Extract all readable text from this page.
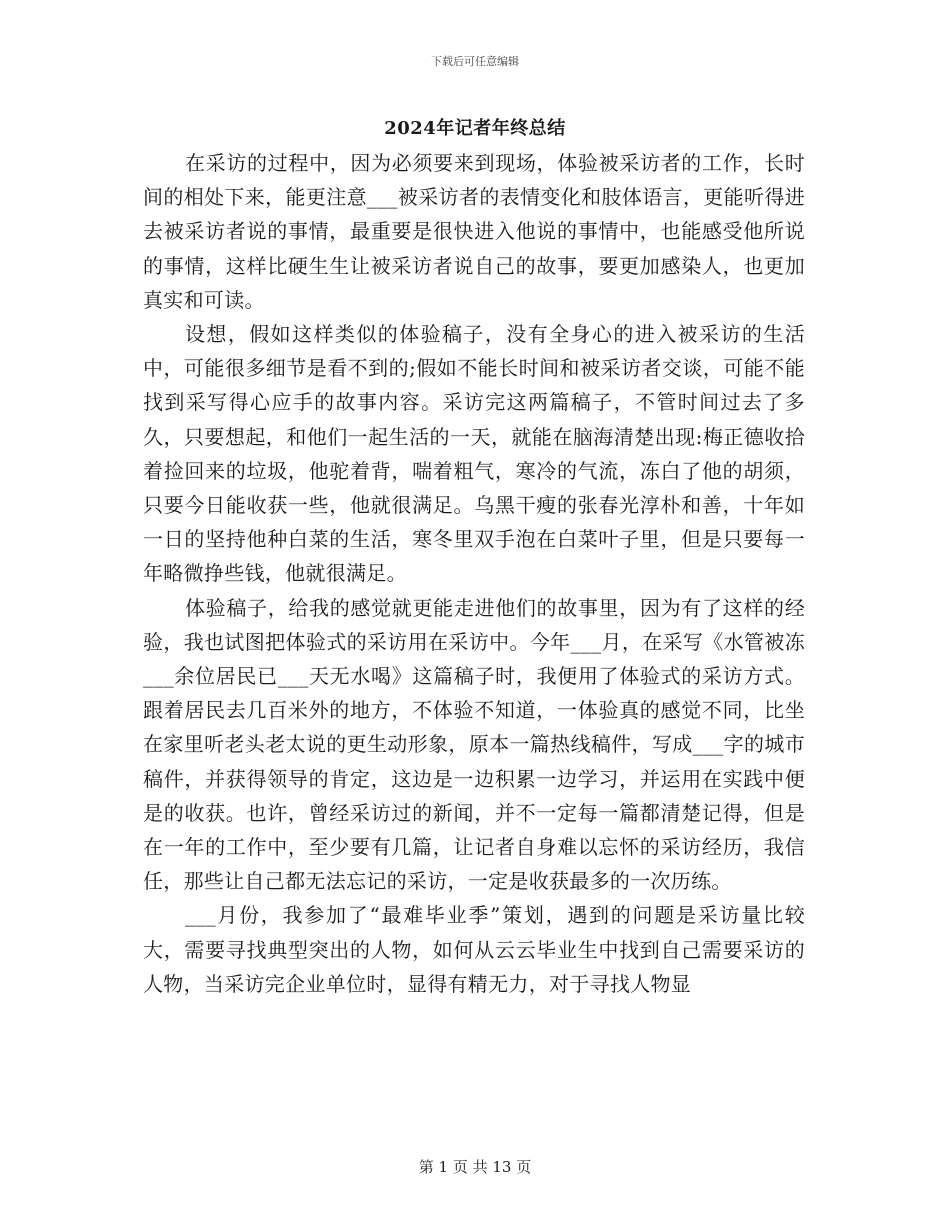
下载后可任意编辑
2024年记者年终总结

在采访的过程中，因为必须要来到现场，体验被采访者的工作，长时间的相处下来，能更注意___被采访者的表情变化和肢体语言，更能听得进去被采访者说的事情，最重要是很快进入他说的事情中，也能感受他所说的事情，这样比硬生生让被采访者说自己的故事，要更加感染人，也更加真实和可读。

设想，假如这样类似的体验稿子，没有全身心的进入被采访的生活中，可能很多细节是看不到的;假如不能长时间和被采访者交谈，可能不能找到采写得心应手的故事内容。采访完这两篇稿子，不管时间过去了多久，只要想起，和他们一起生活的一天，就能在脑海清楚出现:梅正德收拾着捡回来的垃圾，他驼着背，喘着粗气，寒冷的气流，冻白了他的胡须，只要今日能收获一些，他就很满足。乌黑干瘦的张春光淳朴和善，十年如一日的坚持他种白菜的生活，寒冬里双手泡在白菜叶子里，但是只要每一年略微挣些钱，他就很满足。

体验稿子，给我的感觉就更能走进他们的故事里，因为有了这样的经验，我也试图把体验式的采访用在采访中。今年___月，在采写《水管被冻___余位居民已___天无水喝》这篇稿子时，我便用了体验式的采访方式。跟着居民去几百米外的地方，不体验不知道，一体验真的感觉不同，比坐在家里听老头老太说的更生动形象，原本一篇热线稿件，写成___字的城市稿件，并获得领导的肯定，这边是一边积累一边学习，并运用在实践中便是的收获。也许，曾经采访过的新闻，并不一定每一篇都清楚记得，但是在一年的工作中，至少要有几篇，让记者自身难以忘怀的采访经历，我信任，那些让自己都无法忘记的采访，一定是收获最多的一次历练。

___月份，我参加了“最难毕业季”策划，遇到的问题是采访量比较大，需要寻找典型突出的人物，如何从云云毕业生中找到自己需要采访的人物，当采访完企业单位时，显得有精无力，对于寻找人物显

第 1 页 共 13 页
